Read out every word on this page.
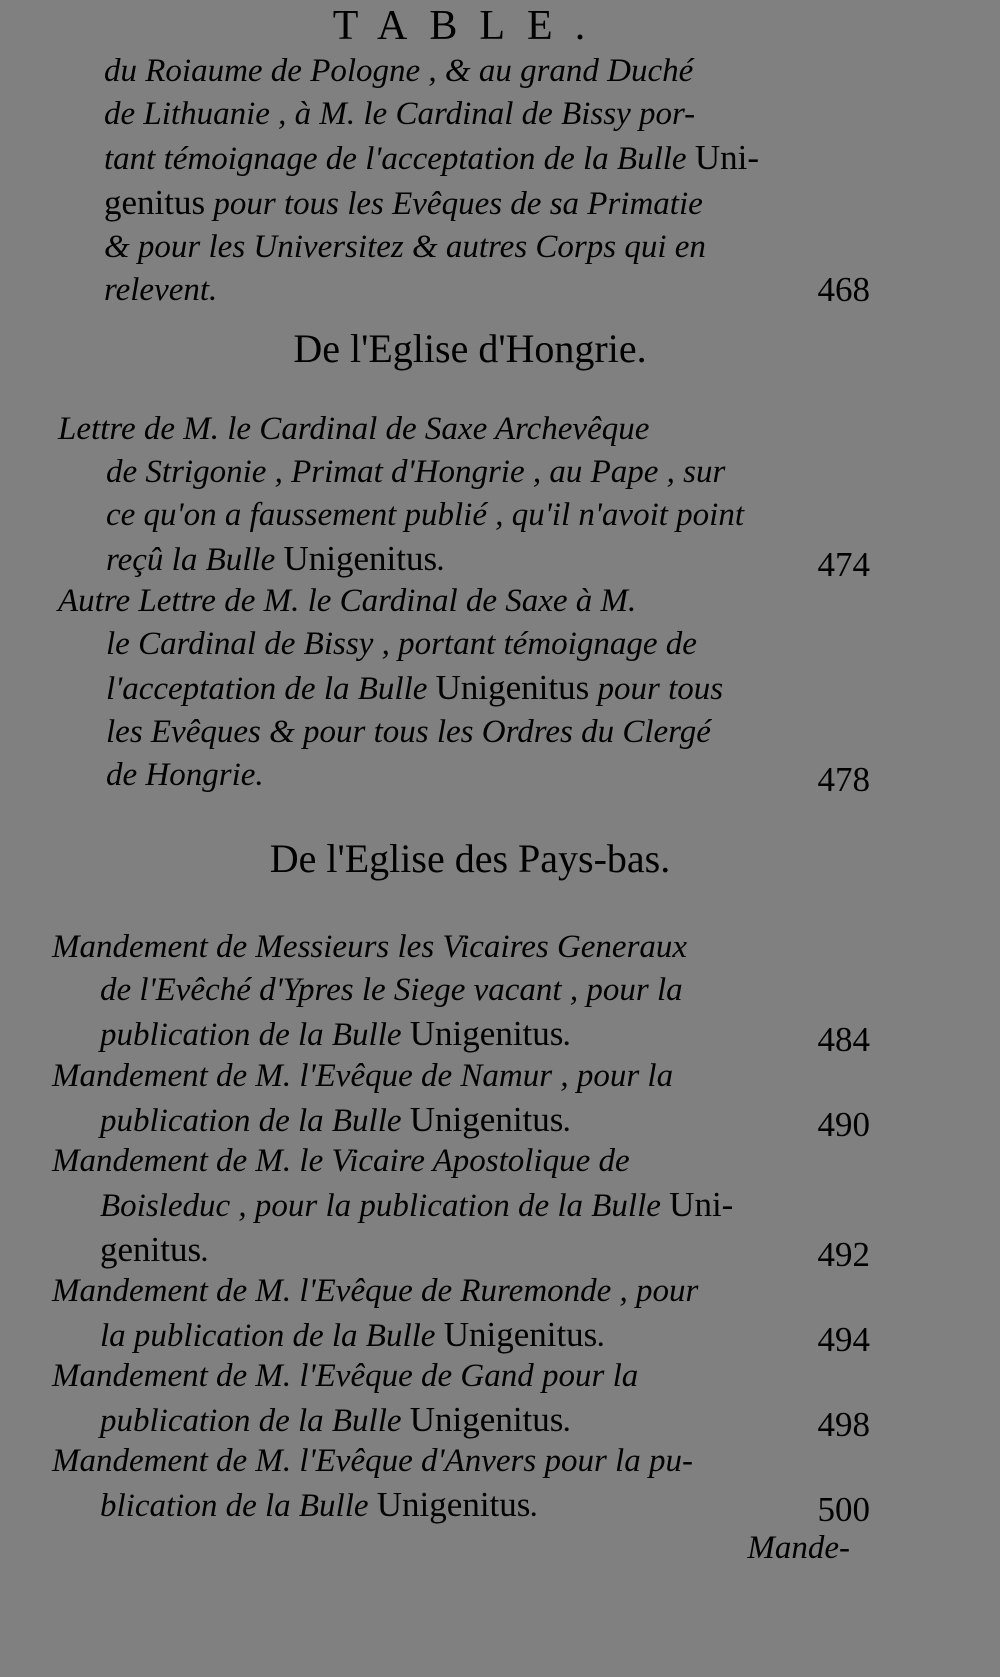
TABLE.

du Roiaume de Pologne , & au grand Duché

de Lithuanie , à M. le Cardinal de Bissy por-

tant témoignage de l'acceptation de la Bulle Uni-

genitus pour tous les Evêques de sa Primatie

& pour les Universitez & autres Corps qui en

relevent.	468
De l'Eglise d'Hongrie.

Lettre de M. le Cardinal de Saxe Archevêque

de Strigonie , Primat d'Hongrie , au Pape , sur

ce qu'on a faussement publié , qu'il n'avoit point

reçû la Bulle Unigenitus.	474

Autre Lettre de M. le Cardinal de Saxe à M.

le Cardinal de Bissy , portant témoignage de

l'acceptation de la Bulle Unigenitus pour tous

les Evêques & pour tous les Ordres du Clergé

de Hongrie.	478
De l'Eglise des Pays-bas.

Mandement de Messieurs les Vicaires Generaux

de l'Evêché d'Ypres le Siege vacant , pour la

publication de la Bulle Unigenitus.	484

Mandement de M. l'Evêque de Namur , pour la

publication de la Bulle Unigenitus.	490

Mandement de M. le Vicaire Apostolique de

Boisleduc , pour la publication de la Bulle Uni-

genitus.	492

Mandement de M. l'Evêque de Ruremonde , pour

la publication de la Bulle Unigenitus.	494

Mandement de M. l'Evêque de Gand pour la

publication de la Bulle Unigenitus.	498

Mandement de M. l'Evêque d'Anvers pour la pu-

blication de la Bulle Unigenitus.	500
Mande-
